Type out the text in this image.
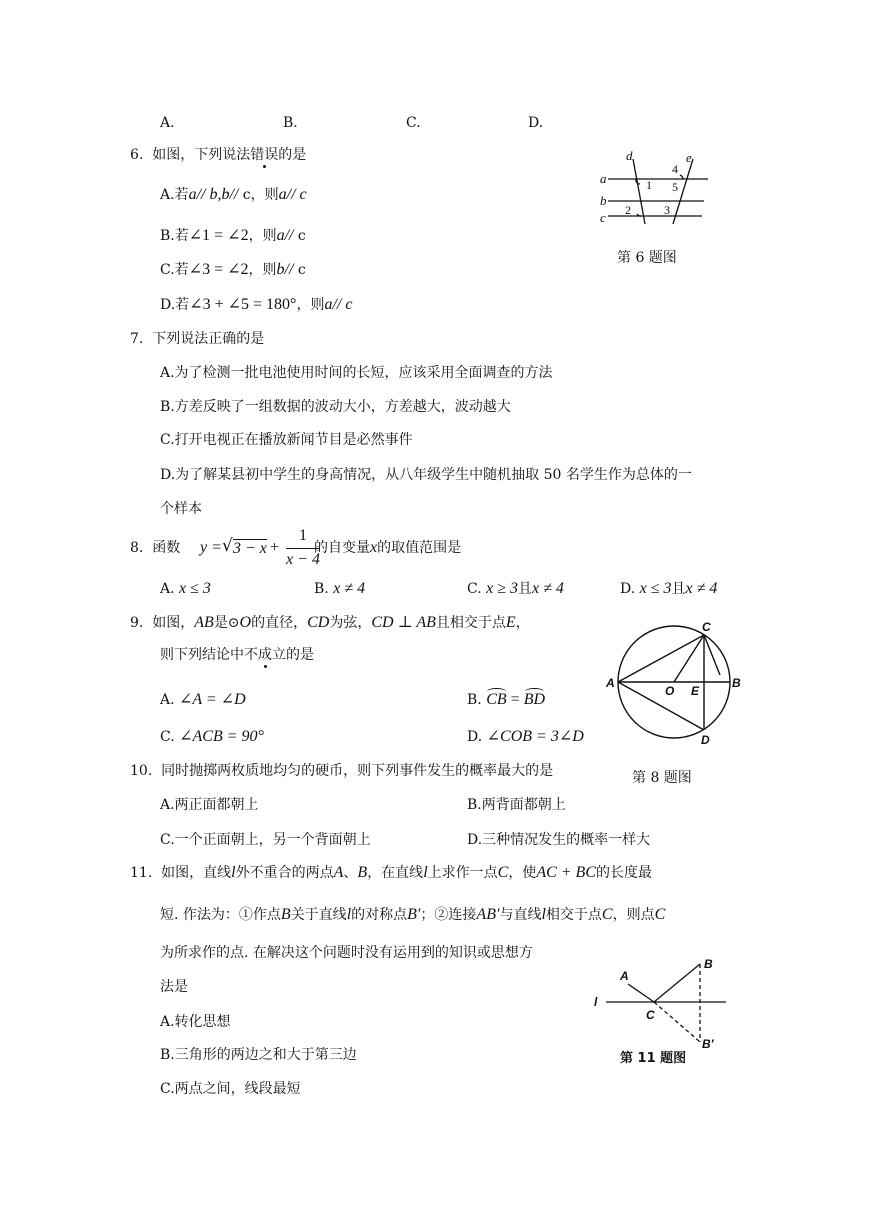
A.	B.	C.	D.
6. 如图，下列说法错误的是
A.若a// b,b// c，则a// c
B.若∠1 = ∠2，则a// c
C.若∠3 = ∠2，则b// c
D.若∠3 + ∠5 = 180°，则a// c
d	e
a
b
c
1
2	3
4
5
第 6 题图
7. 下列说法正确的是
A.为了检测一批电池使用时间的长短，应该采用全面调查的方法
B.方差反映了一组数据的波动大小，方差越大，波动越大
C.打开电视正在播放新闻节目是必然事件
D.为了解某县初中学生的身高情况，从八年级学生中随机抽取 50 名学生作为总体的一
个样本
8. 函数 y = √ 3 − x +
1
x − 4
的自变量x的取值范围是
A. x ≤ 3	B. x ≠ 4	C. x ≥ 3且x ≠ 4	D. x ≤ 3且x ≠ 4
9. 如图，AB是⊙O的直径，CD为弦，CD ⊥ AB且相交于点E，
则下列结论中不成立的是
A. ∠A = ∠D	B. CB = BD
C. ∠ACB = 90°	D. ∠COB = 3∠D
C
A
O E
B
D
第 8 题图
10. 同时抛掷两枚质地均匀的硬币，则下列事件发生的概率最大的是
A.两正面都朝上	B.两背面都朝上
C.一个正面朝上，另一个背面朝上	D.三种情况发生的概率一样大
11. 如图，直线l外不重合的两点A、B，在直线l上求作一点C，使AC + BC的长度最
短. 作法为：①作点B关于直线l的对称点B′；②连接AB′与直线l相交于点C，则点C
为所求作的点. 在解决这个问题时没有运用到的知识或思想方
法是
A.转化思想
B.三角形的两边之和大于第三边
C.两点之间，线段最短
A
B
l
C
B′
第 11 题图
